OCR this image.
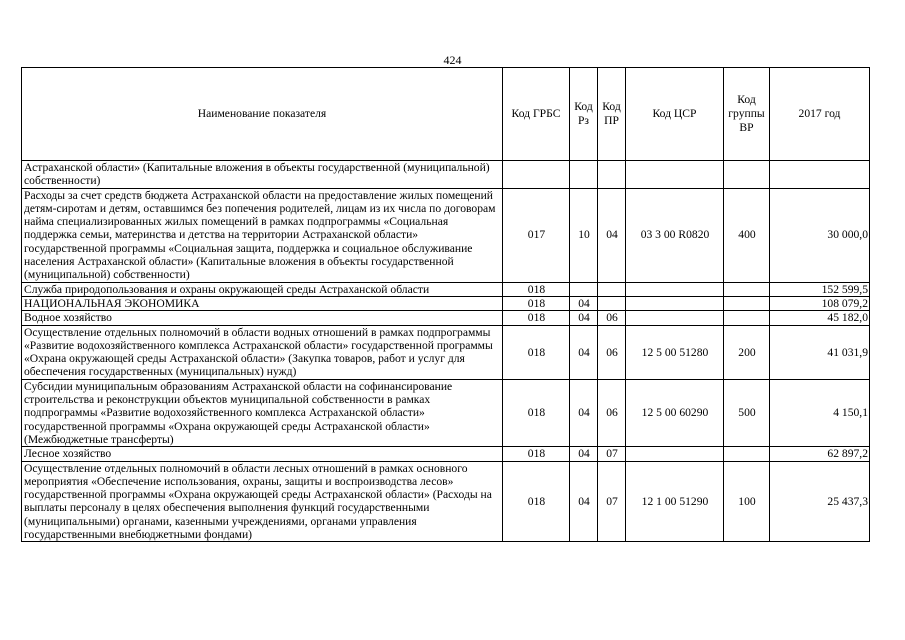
424
Наименование показателя	Код ГРБС	Код Рз	Код ПР	Код ЦСР	Код группы ВР	2017 год
Астраханской области» (Капитальные вложения в объекты государственной (муниципальной) собственности)						
Расходы за счет средств бюджета Астраханской области на предоставление жилых помещений детям-сиротам и детям, оставшимся без попечения родителей, лицам из их числа по договорам найма специализированных жилых помещений в рамках подпрограммы «Социальная поддержка семьи, материнства и детства на территории Астраханской области» государственной программы «Социальная защита, поддержка и социальное обслуживание населения Астраханской области» (Капитальные вложения в объекты государственной (муниципальной) собственности)	017	10	04	03 3 00 R0820	400	30 000,0
Служба природопользования и охраны окружающей среды Астраханской области	018					152 599,5
НАЦИОНАЛЬНАЯ ЭКОНОМИКА	018	04				108 079,2
Водное хозяйство	018	04	06			45 182,0
Осуществление отдельных полномочий в области водных отношений в рамках подпрограммы «Развитие водохозяйственного комплекса Астраханской области» государственной программы «Охрана окружающей среды Астраханской области» (Закупка товаров, работ и услуг для обеспечения государственных (муниципальных) нужд)	018	04	06	12 5 00 51280	200	41 031,9
Субсидии муниципальным образованиям Астраханской области на софинансирование строительства и реконструкции объектов муниципальной собственности в рамках подпрограммы «Развитие водохозяйственного комплекса Астраханской области» государственной программы «Охрана окружающей среды Астраханской области» (Межбюджетные трансферты)	018	04	06	12 5 00 60290	500	4 150,1
Лесное хозяйство	018	04	07			62 897,2
Осуществление отдельных полномочий в области лесных отношений в рамках основного мероприятия «Обеспечение использования, охраны, защиты и воспроизводства лесов» государственной программы «Охрана окружающей среды Астраханской области» (Расходы на выплаты персоналу в целях обеспечения выполнения функций государственными (муниципальными) органами, казенными учреждениями, органами управления государственными внебюджетными фондами)	018	04	07	12 1 00 51290	100	25 437,3
